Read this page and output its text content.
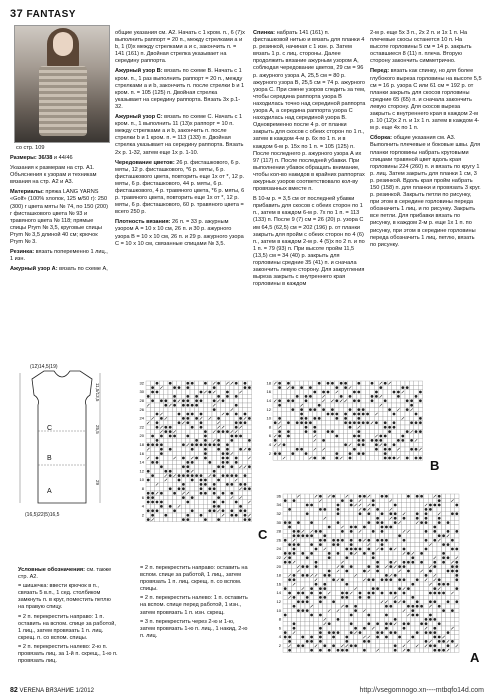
37 FANTASY
со стр. 109

Размеры: 36/38 и 44/46

Указания к размерам на стр. А1. Объяснения к узорам и техникам вязания на стр. А2 и А3.

Материалы: пряжа LANG YARNS «Golf» (100% хлопок, 125 м/50 г): 250 (300) г цвета мяты № 74, по 150 (200) г фисташкового цвета № 93 и травяного цвета № 118; прямые спицы Prym № 3,5, круговые спицы Prym № 3,5 длиной 40 см; крючок Prym № 3.

Резинка: вязать попеременно 1 лиц., 1 изн.

Ажурный узор А: вязать по схеме А,

общие указания см. А2. Начать с 1 кром. п., 6 (7)х выполнить раппорт = 20 п., между стрелками а и b, 1 (0)х между стрелками а и с, закончить п. = 141 (161) п. Двойная стрелка указывает на середину раппорта.

Ажурный узор В: вязать по схеме В. Начать с 1 кром. п., 1 раз выполнить раппорт = 20 п., между стрелками а и b, закончить п. после стрелки b и 1 кром. п. = 105 (125) п. Двойная стрелка указывает на середину раппорта. Вязать 3х р.1-32.

Ажурный узор С: вязать по схеме С. Начать с 1 кром. п., 1 выполнить 11 (13)х раппорт = 10 п. между стрелками а и b, закончить п. после стрелки b и 1 кром. п. = 113 (133) п. Двойная стрелка указывает на середину раппорта. Вязать 2х р. 1-32, затем еще 1х р. 1-10.

Чередование цветов: 26 р. фисташкового, 6 р. мяты, 12 р. фисташкового, *6 р. мяты, 6 р. фисташкового цвета, повторить еще 1х от *, 12 р. мяты, 6 р. фисташкового, 44 р. мяты, 6 р. фисташкового, 4 р. травяного цвета, *6 р. мяты, 6 р. травяного цвета, повторить еще 1х от *, 12 р. мяты, 6 р. фисташкового, 60 р. травяного цвета = всего 250 р.

Плотность вязания: 26 п. = 33 р. ажурным узором А = 10 x 10 см, 26 п. и 30 р. ажурного узора В = 10 x 10 см, 26 п. и 29 р. ажурного узора С = 10 x 10 см, связанные спицами № 3,5.

Спинка: набрать 141 (161) п. фисташковой нитью и вязать для планки 4 р. резинкой, начиная с 1 изн. р. Затем вязать 1 р. с лиц. стороны. Далее продолжить вязание ажурным узором А, соблюдая чередование цветов, 29 см = 96 р. ажурного узора А, 25,5 см = 80 р. ажурного узора В, 25,5 см = 74 р. ажурного узора С. При смене узоров следить за тем, чтобы середина раппорта узора В находилась точно над серединой раппорта узора А, а середина раппорта узора С находилась над серединой узора В. Одновременно после 4 р. от планки закрыть для скосов с обеих сторон по 1 п., затем в каждом 4-м р. 6х по 1 п. и в каждом 6-м р. 15х по 1 п. = 105 (125) п. После последнего р. ажурного узора А их 97 (117) п. После последней убавки. При выполнении убавок обращать внимание, чтобы кол-во накидов в крайних раппортах ажурных узоров соответствовало кол-ву провязанных вместе п.

В 10-м р. = 3,5 см от последней убавки прибавить для скосов с обеих сторон по 1 п., затем в каждом 6-м р. 7х по 1 п. = 113 (133) п. После 9 (7) см = 26 (20) р. узора С им 64,5 (62,5) см = 202 (196) р. от планки закрыть для пройм с обеих сторон по 4 (6) п., затем в каждом 2-м р. 4 (5)х по 2 п. и по 1 п. = 79 (93) п. При высоте пройм 11,5 (13,5) см = 34 (40) р. закрыть для горловины средние 35 (41) п. и сначала закончить левую сторону. Для закругления выреза закрыть с внутреннего края горловины в каждом

2-м р. еще 5х 3 п., 2х 2 п. и 1х 1 п. На плечевые скосы останется 10 п. На высоте горловины 5 см = 14 р. закрыть оставшиеся 8 (11) п. плеча. Вторую сторону закончить симметрично.

Перед: вязать как спинку, но для более глубокого выреза горловины на высоте 5,5 см = 16 р. узора С или 61 см = 192 р. от планки закрыть для скосов горловины средние 65 (65) п. и сначала закончить левую сторону. Для скосов выреза закрыть с внутреннего края в каждом 2-м р. 10 (12)х 2 п. и 1х 1 п. затем в каждом 4-м р. еще 4х по 1 п.

Сборка: общие указания см. А3. Выполнить плечевые и боковые швы. Для планки горловины набрать круговыми спицами травяной цвет вдоль края горловины 224 (260) п. и вязать по кругу 1 р. лиц. Затем закрыть для планки 1 см, 3 р. резинкой. Вдоль края пройм набрать 150 (158) п. для планки и провязать 3 круг. р. резинкой. Закрыть петли по рисунку, при этом в середине горловины переда обозначить 1 лиц. и по рисунку. Закрыть все петли. Для прибавки вязать по рисунку, в каждом 2-м р. еще 1х 1 п. по рисунку, при этом в середине горловины переда обозначить 1 лиц. петлю, вязать по рисунку.

(12)14,5(19)
(16,5)22(5)16,5
C
B
A
11,5/13,5
25,5
29
32
30
28
26
24
22
20
18
16
14
12
10
8
6
4
2
18
16
14
12
10
8
6
4
2
36
34
32
30
28
26
24
22
20
18
16
14
12
10
8
6
4
2
C
B
A

Условные обозначения: см. также стр. А2.

= шишечка: ввести крючок в п., связать 5 в.п., 1 сед. столбиком замкнуть п. в круг, поместить петлю на правую спицу.

= 2 п. перекрестить направо: 1 п. оставить на вспом. спице за работой, 1 лиц., затем провязать 1 п. лиц. скрещ. п. со вспом. спицы.

= 2 п. перекрестить налево: 2-ю п. провязать лиц. за 1-й п. скрещ., 1-ю п. провязать лиц.

= 2 п. перекрестить направо: оставить на вспом. спице за работой, 1 лиц., затем провязать 1 п. лиц. скрещ. п. со вспом. спицы.

= 2 п. перекрестить налево: 1 п. оставить на вспом. спице перед работой, 1 изн., затем провязать 1 п. изн. скрещ.

= 3 п. перекрестить через 2-ю и 1-ю, затем провязать 1-ю п. лиц., 1 накид, 2-ю п. лиц.

82 VERENA ВЯЗАНИЕ 1/2012	http://vsegomnogo.xn----mtbqfo14d.com
